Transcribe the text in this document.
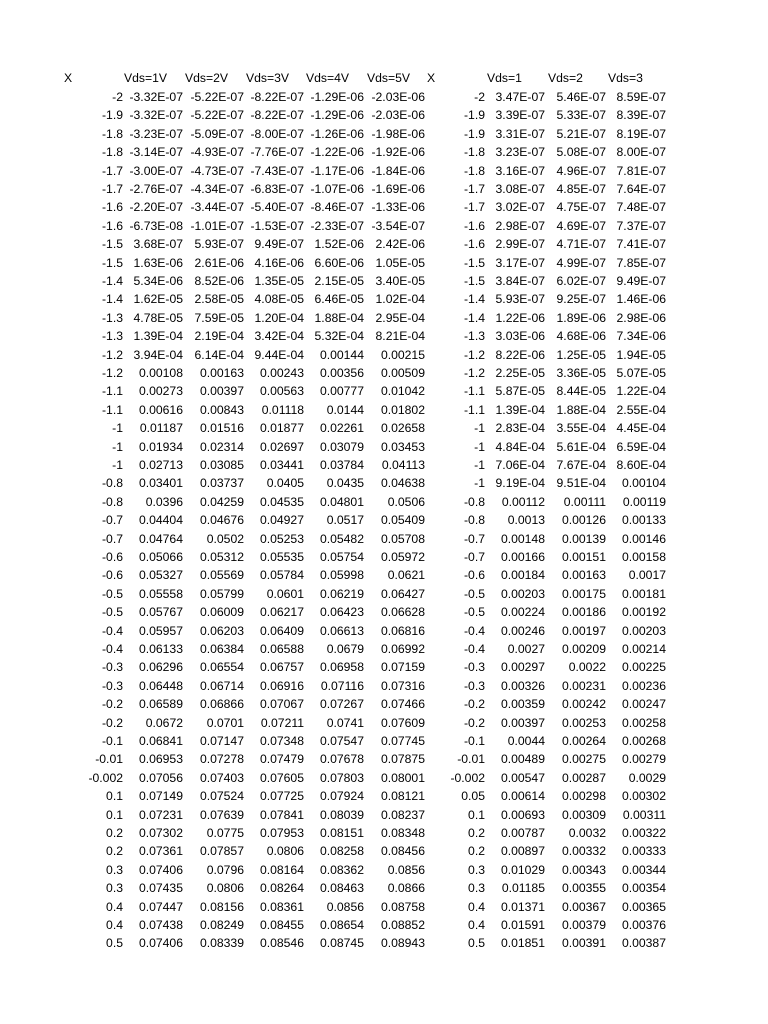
X	Vds=1V Vds=2V Vds=3V Vds=4V Vds=5V
-2 -3.32E-07 -5.22E-07 -8.22E-07 -1.29E-06 -2.03E-06
-1.9 -3.32E-07 -5.22E-07 -8.22E-07 -1.29E-06 -2.03E-06
-1.8 -3.23E-07 -5.09E-07 -8.00E-07 -1.26E-06 -1.98E-06
-1.8 -3.14E-07 -4.93E-07 -7.76E-07 -1.22E-06 -1.92E-06
-1.7 -3.00E-07 -4.73E-07 -7.43E-07 -1.17E-06 -1.84E-06
-1.7 -2.76E-07 -4.34E-07 -6.83E-07 -1.07E-06 -1.69E-06
-1.6 -2.20E-07 -3.44E-07 -5.40E-07 -8.46E-07 -1.33E-06
-1.6 -6.73E-08 -1.01E-07 -1.53E-07 -2.33E-07 -3.54E-07
-1.5 3.68E-07 5.93E-07 9.49E-07 1.52E-06 2.42E-06
-1.5 1.63E-06 2.61E-06 4.16E-06 6.60E-06 1.05E-05
-1.4 5.34E-06 8.52E-06 1.35E-05 2.15E-05 3.40E-05
-1.4 1.62E-05 2.58E-05 4.08E-05 6.46E-05 1.02E-04
-1.3 4.78E-05 7.59E-05 1.20E-04 1.88E-04 2.95E-04
-1.3 1.39E-04 2.19E-04 3.42E-04 5.32E-04 8.21E-04
-1.2 3.94E-04 6.14E-04 9.44E-04	0.00144	0.00215
-1.2	0.00108	0.00163	0.00243	0.00356	0.00509
-1.1	0.00273	0.00397	0.00563	0.00777	0.01042
-1.1	0.00616	0.00843	0.01118	0.0144	0.01802
-1	0.01187	0.01516	0.01877	0.02261	0.02658
-1	0.01934	0.02314	0.02697	0.03079	0.03453
-1	0.02713	0.03085	0.03441	0.03784	0.04113
-0.8	0.03401	0.03737	0.0405	0.0435	0.04638
-0.8	0.0396	0.04259	0.04535	0.04801	0.0506
-0.7	0.04404	0.04676	0.04927	0.0517	0.05409
-0.7	0.04764	0.0502	0.05253	0.05482	0.05708
-0.6	0.05066	0.05312	0.05535	0.05754	0.05972
-0.6	0.05327	0.05569	0.05784	0.05998	0.0621
-0.5	0.05558	0.05799	0.0601	0.06219	0.06427
-0.5	0.05767	0.06009	0.06217	0.06423	0.06628
-0.4	0.05957	0.06203	0.06409	0.06613	0.06816
-0.4	0.06133	0.06384	0.06588	0.0679	0.06992
-0.3	0.06296	0.06554	0.06757	0.06958	0.07159
-0.3	0.06448	0.06714	0.06916	0.07116	0.07316
-0.2	0.06589	0.06866	0.07067	0.07267	0.07466
-0.2	0.0672	0.0701	0.07211	0.0741	0.07609
-0.1	0.06841	0.07147	0.07348	0.07547	0.07745
-0.01	0.06953	0.07278	0.07479	0.07678	0.07875
-0.002	0.07056	0.07403	0.07605	0.07803	0.08001
0.1	0.07149	0.07524	0.07725	0.07924	0.08121
0.1	0.07231	0.07639	0.07841	0.08039	0.08237
0.2	0.07302	0.0775	0.07953	0.08151	0.08348
0.2	0.07361	0.07857	0.0806	0.08258	0.08456
0.3	0.07406	0.0796	0.08164	0.08362	0.0856
0.3	0.07435	0.0806	0.08264	0.08463	0.0866
0.4	0.07447	0.08156	0.08361	0.0856	0.08758
0.4	0.07438	0.08249	0.08455	0.08654	0.08852
0.5	0.07406	0.08339	0.08546	0.08745	0.08943
X	Vds=1 Vds=2 Vds=3
-2 3.47E-07 5.46E-07 8.59E-07
-1.9 3.39E-07 5.33E-07 8.39E-07
-1.9 3.31E-07 5.21E-07 8.19E-07
-1.8 3.23E-07 5.08E-07 8.00E-07
-1.8 3.16E-07 4.96E-07 7.81E-07
-1.7 3.08E-07 4.85E-07 7.64E-07
-1.7 3.02E-07 4.75E-07 7.48E-07
-1.6 2.98E-07 4.69E-07 7.37E-07
-1.6 2.99E-07 4.71E-07 7.41E-07
-1.5 3.17E-07 4.99E-07 7.85E-07
-1.5 3.84E-07 6.02E-07 9.49E-07
-1.4 5.93E-07 9.25E-07 1.46E-06
-1.4 1.22E-06 1.89E-06 2.98E-06
-1.3 3.03E-06 4.68E-06 7.34E-06
-1.2 8.22E-06 1.25E-05 1.94E-05
-1.2 2.25E-05 3.36E-05 5.07E-05
-1.1 5.87E-05 8.44E-05 1.22E-04
-1.1 1.39E-04 1.88E-04 2.55E-04
-1 2.83E-04 3.55E-04 4.45E-04
-1 4.84E-04 5.61E-04 6.59E-04
-1 7.06E-04 7.67E-04 8.60E-04
-1 9.19E-04 9.51E-04	0.00104
-0.8	0.00112	0.00111	0.00119
-0.8	0.0013	0.00126	0.00133
-0.7	0.00148	0.00139	0.00146
-0.7	0.00166	0.00151	0.00158
-0.6	0.00184	0.00163	0.0017
-0.5	0.00203	0.00175	0.00181
-0.5	0.00224	0.00186	0.00192
-0.4	0.00246	0.00197	0.00203
-0.4	0.0027	0.00209	0.00214
-0.3	0.00297	0.0022	0.00225
-0.3	0.00326	0.00231	0.00236
-0.2	0.00359	0.00242	0.00247
-0.2	0.00397	0.00253	0.00258
-0.1	0.0044	0.00264	0.00268
-0.01	0.00489	0.00275	0.00279
-0.002	0.00547	0.00287	0.0029
0.05	0.00614	0.00298	0.00302
0.1	0.00693	0.00309	0.00311
0.2	0.00787	0.0032	0.00322
0.2	0.00897	0.00332	0.00333
0.3	0.01029	0.00343	0.00344
0.3	0.01185	0.00355	0.00354
0.4	0.01371	0.00367	0.00365
0.4	0.01591	0.00379	0.00376
0.5	0.01851	0.00391	0.00387
